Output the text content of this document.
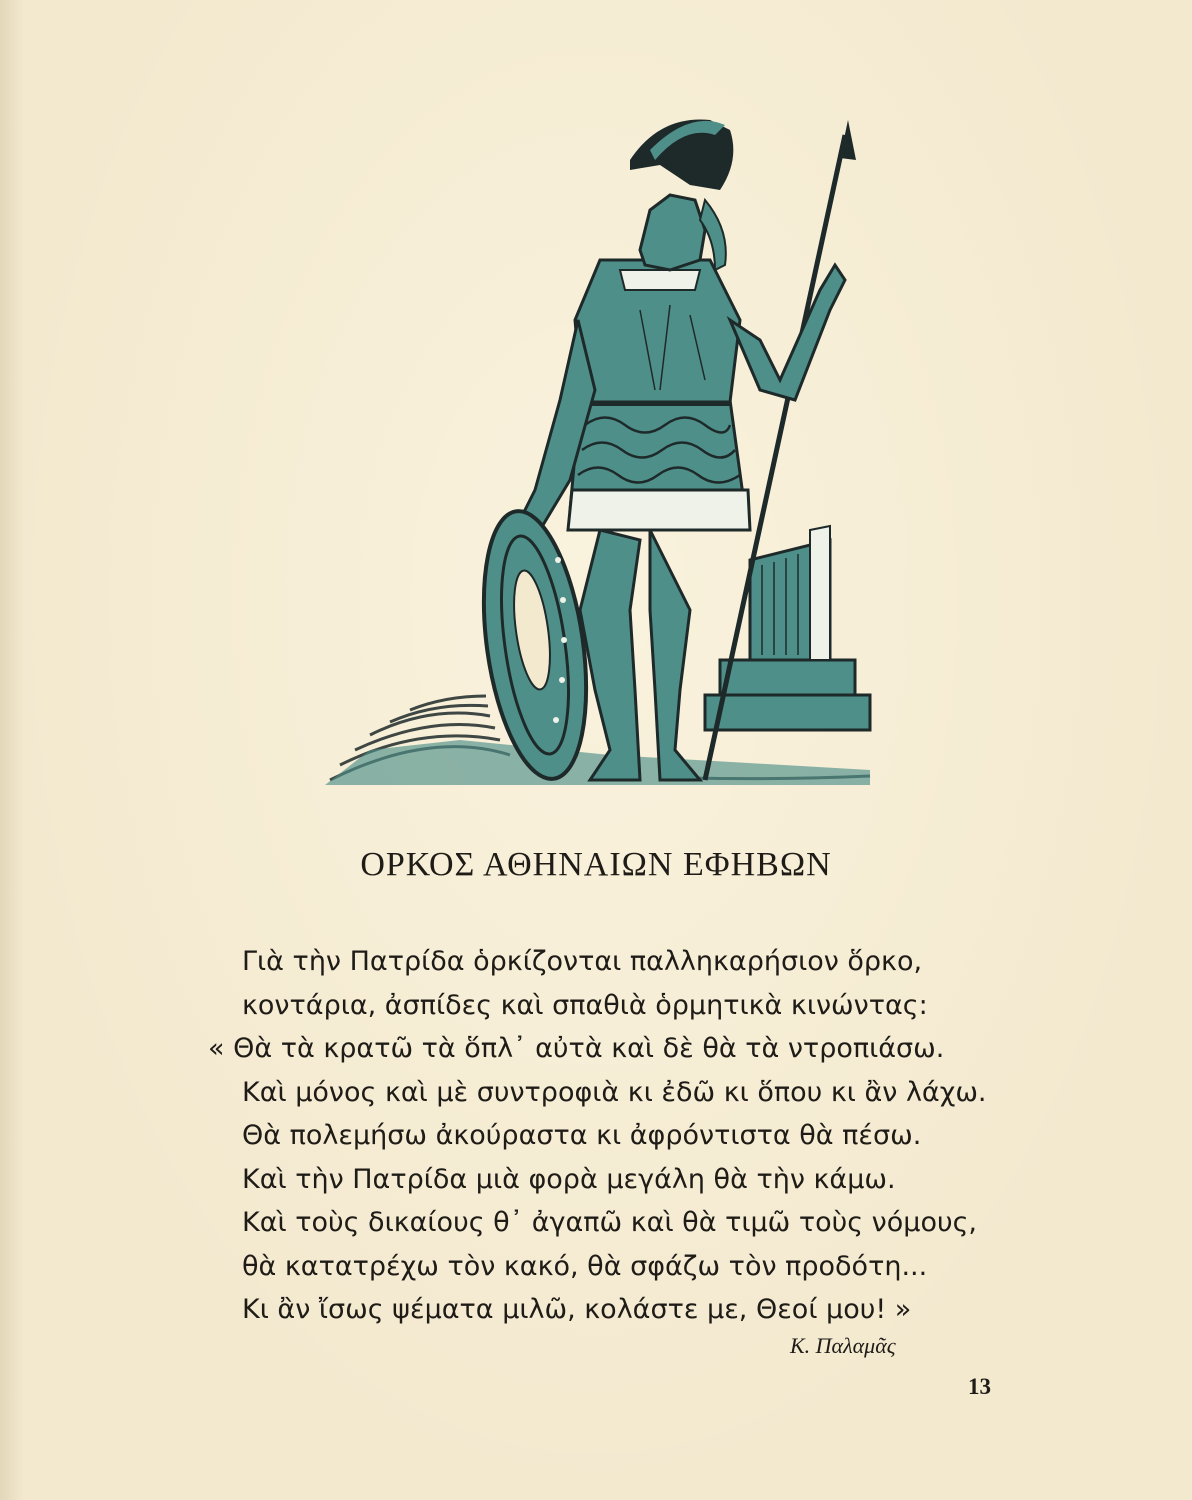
ΟΡΚΟΣ ΑΘΗΝΑΙΩΝ ΕΦΗΒΩΝ
Γιὰ τὴν Πατρίδα ὁρκίζονται παλληκαρήσιον ὅρκο,
κοντάρια, ἀσπίδες καὶ σπαθιὰ ὁρμητικὰ κινώντας:
« Θὰ τὰ κρατῶ τὰ ὅπλ᾿ αὐτὰ καὶ δὲ θὰ τὰ ντροπιάσω.
Καὶ μόνος καὶ μὲ συντροφιὰ κι ἐδῶ κι ὅπου κι ἂν λάχω.
Θὰ πολεμήσω ἀκούραστα κι ἀφρόντιστα θὰ πέσω.
Καὶ τὴν Πατρίδα μιὰ φορὰ μεγάλη θὰ τὴν κάμω.
Καὶ τοὺς δικαίους θ᾿ ἀγαπῶ καὶ θὰ τιμῶ τοὺς νόμους,
θὰ κατατρέχω τὸν κακό, θὰ σφάζω τὸν προδότη...
Κι ἂν ἴσως ψέματα μιλῶ, κολάστε με, Θεοί μου! »
Κ. Παλαμᾶς
13
